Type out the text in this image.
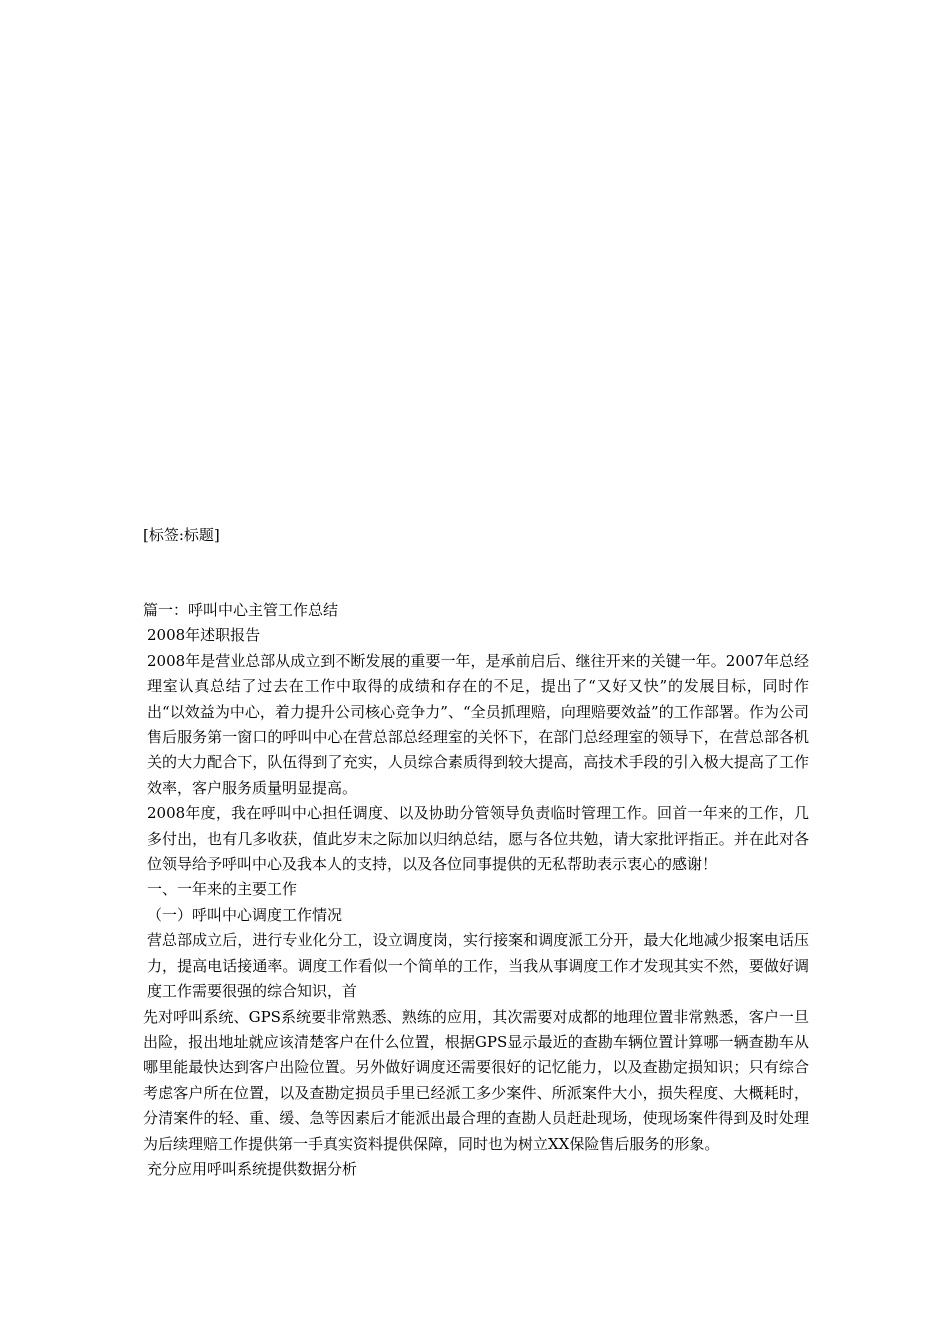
[标签:标题]

篇一：呼叫中心主管工作总结

2008年述职报告

2008年是营业总部从成立到不断发展的重要一年，是承前启后、继往开来的关键一年。2007年总经理室认真总结了过去在工作中取得的成绩和存在的不足，提出了“又好又快”的发展目标，同时作出“以效益为中心，着力提升公司核心竞争力”、“全员抓理赔，向理赔要效益”的工作部署。作为公司售后服务第一窗口的呼叫中心在营总部总经理室的关怀下，在部门总经理室的领导下，在营总部各机关的大力配合下，队伍得到了充实，人员综合素质得到较大提高，高技术手段的引入极大提高了工作效率，客户服务质量明显提高。

2008年度，我在呼叫中心担任调度、以及协助分管领导负责临时管理工作。回首一年来的工作，几多付出，也有几多收获，值此岁末之际加以归纳总结，愿与各位共勉，请大家批评指正。并在此对各位领导给予呼叫中心及我本人的支持，以及各位同事提供的无私帮助表示衷心的感谢！

一、一年来的主要工作

（一）呼叫中心调度工作情况

营总部成立后，进行专业化分工，设立调度岗，实行接案和调度派工分开，最大化地减少报案电话压力，提高电话接通率。调度工作看似一个简单的工作，当我从事调度工作才发现其实不然，要做好调度工作需要很强的综合知识，首

先对呼叫系统、GPS系统要非常熟悉、熟练的应用，其次需要对成都的地理位置非常熟悉，客户一旦出险，报出地址就应该清楚客户在什么位置，根据GPS显示最近的查勘车辆位置计算哪一辆查勘车从哪里能最快达到客户出险位置。另外做好调度还需要很好的记忆能力，以及查勘定损知识；只有综合考虑客户所在位置，以及查勘定损员手里已经派工多少案件、所派案件大小，损失程度、大概耗时，分清案件的轻、重、缓、急等因素后才能派出最合理的查勘人员赶赴现场，使现场案件得到及时处理为后续理赔工作提供第一手真实资料提供保障，同时也为树立XX保险售后服务的形象。

充分应用呼叫系统提供数据分析
